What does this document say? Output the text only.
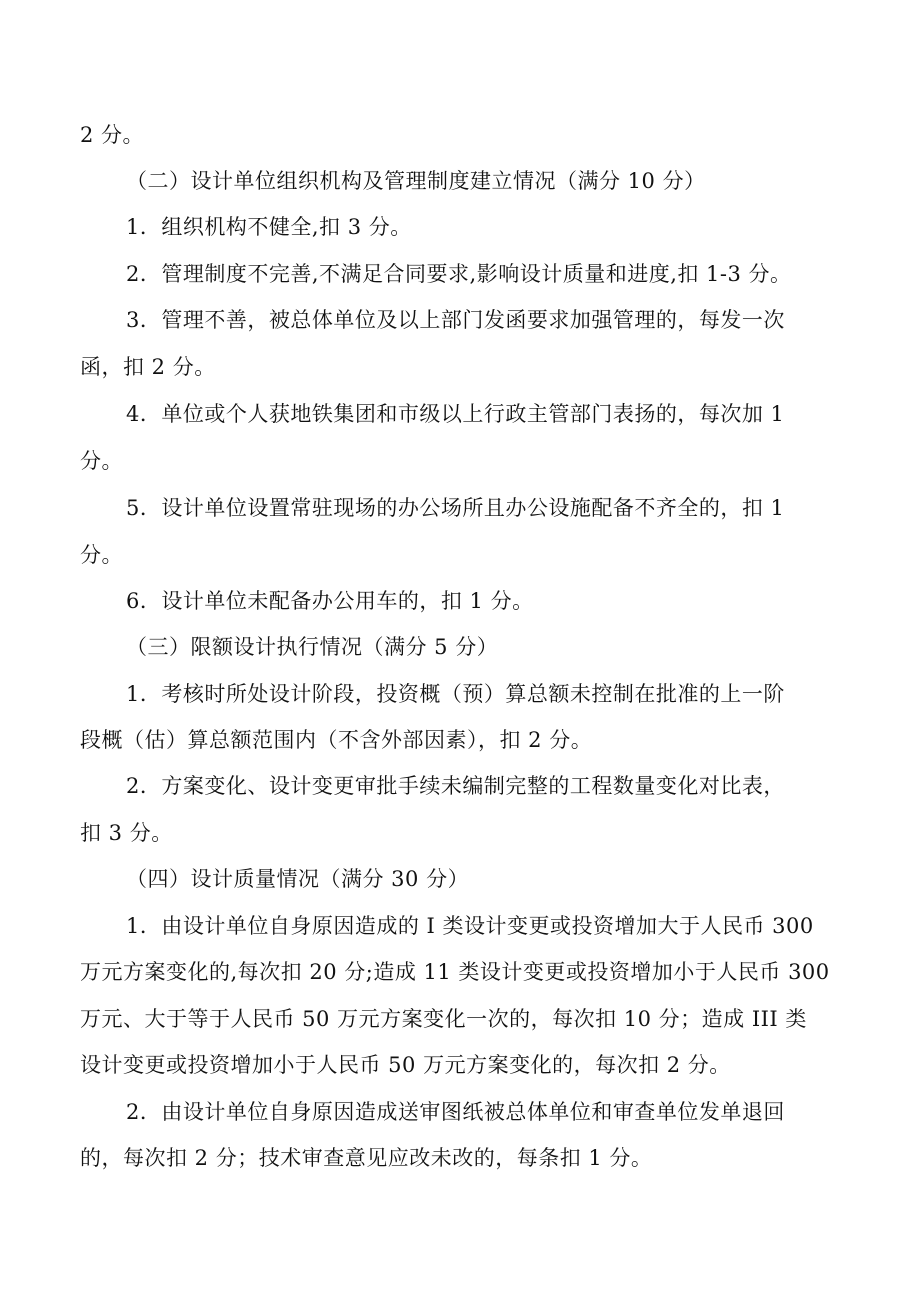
2 分。
（二）设计单位组织机构及管理制度建立情况（满分 10 分）
1．组织机构不健全,扣 3 分。
2．管理制度不完善,不满足合同要求,影响设计质量和进度,扣 1-3 分。
3．管理不善，被总体单位及以上部门发函要求加强管理的，每发一次
函，扣 2 分。
4．单位或个人获地铁集团和市级以上行政主管部门表扬的，每次加 1
分。
5．设计单位设置常驻现场的办公场所且办公设施配备不齐全的，扣 1
分。
6．设计单位未配备办公用车的，扣 1 分。
（三）限额设计执行情况（满分 5 分）
1．考核时所处设计阶段，投资概（预）算总额未控制在批准的上一阶
段概（估）算总额范围内（不含外部因素），扣 2 分。
2．方案变化、设计变更审批手续未编制完整的工程数量变化对比表，
扣 3 分。
（四）设计质量情况（满分 30 分）
1．由设计单位自身原因造成的 I 类设计变更或投资增加大于人民币 300
万元方案变化的,每次扣 20 分;造成 11 类设计变更或投资增加小于人民币 300
万元、大于等于人民币 50 万元方案变化一次的，每次扣 10 分；造成 III 类
设计变更或投资增加小于人民币 50 万元方案变化的，每次扣 2 分。
2．由设计单位自身原因造成送审图纸被总体单位和审查单位发单退回
的，每次扣 2 分；技术审查意见应改未改的，每条扣 1 分。
